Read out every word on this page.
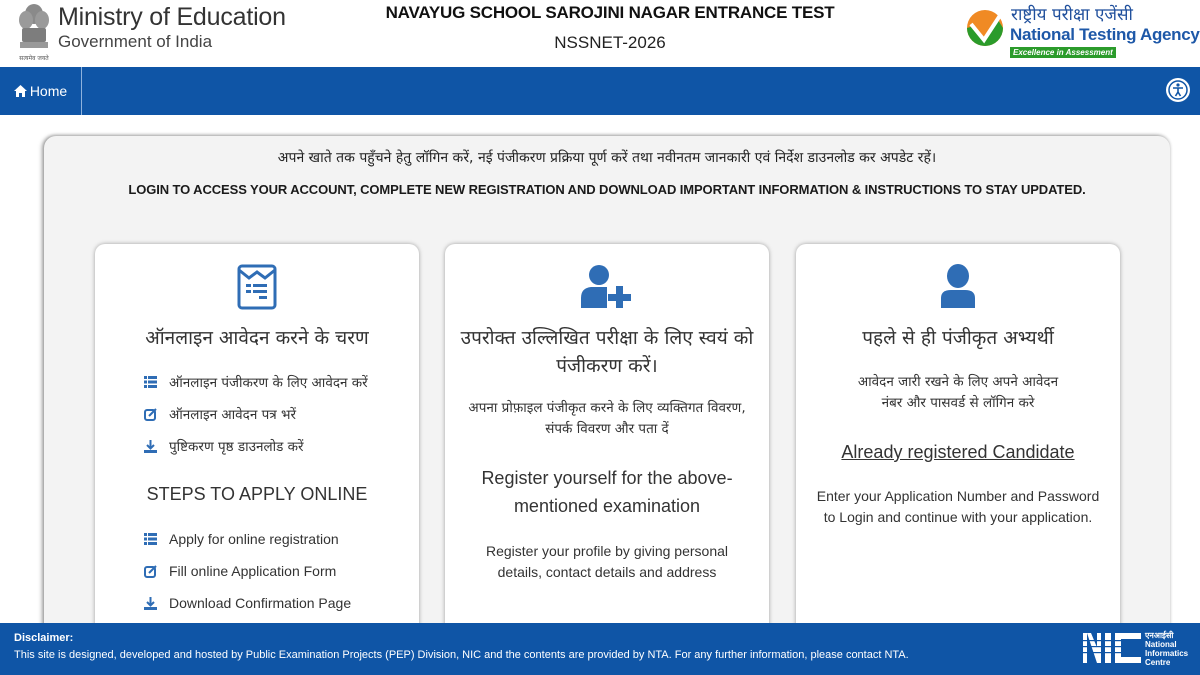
सत्यमेव जयते
Ministry of Education
Government of India
NAVAYUG SCHOOL SAROJINI NAGAR ENTRANCE TEST
NSSNET-2026
राष्ट्रीय परीक्षा एजेंसी
National Testing Agency
Excellence in Assessment
Home
अपने खाते तक पहुँचने हेतु लॉगिन करें, नई पंजीकरण प्रक्रिया पूर्ण करें तथा नवीनतम जानकारी एवं निर्देश डाउनलोड कर अपडेट रहें।
LOGIN TO ACCESS YOUR ACCOUNT, COMPLETE NEW REGISTRATION AND DOWNLOAD IMPORTANT INFORMATION & INSTRUCTIONS TO STAY UPDATED.
ऑनलाइन आवेदन करने के चरण
ऑनलाइन पंजीकरण के लिए आवेदन करें
ऑनलाइन आवेदन पत्र भरें
पुष्टिकरण पृष्ठ डाउनलोड करें
STEPS TO APPLY ONLINE
Apply for online registration
Fill online Application Form
Download Confirmation Page
उपरोक्त उल्लिखित परीक्षा के लिए स्वयं को पंजीकरण करें।
अपना प्रोफ़ाइल पंजीकृत करने के लिए व्यक्तिगत विवरण, संपर्क विवरण और पता दें
Register yourself for the above-mentioned examination
Register your profile by giving personal details, contact details and address
पहले से ही पंजीकृत अभ्यर्थी
आवेदन जारी रखने के लिए अपने आवेदन नंबर और पासवर्ड से लॉगिन करे
Already registered Candidate
Enter your Application Number and Password to Login and continue with your application.
Disclaimer:
This site is designed, developed and hosted by Public Examination Projects (PEP) Division, NIC and the contents are provided by NTA. For any further information, please contact NTA.
एनआईसी
National
Informatics
Centre
